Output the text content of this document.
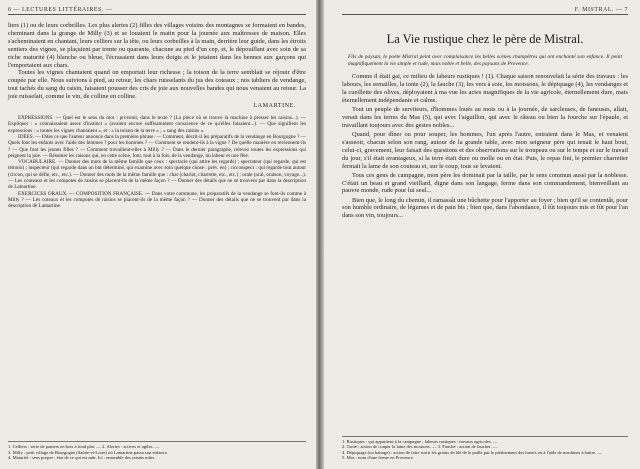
6 — LECTURES LITTÉRAIRES. —

liers (1) ou de leurs corbeilles. Les plus alertes (2) filles des villages voisins des montagnes se formaient en bandes, cheminant dans la grange de Milly (3) et se louaient le matin pour la journée aux maîtresses de maison. Elles s'acheminaient en chantant, leurs celliers sur la tête, ou leurs corbeilles à la main, derrière leur guide, dans les étroits sentiers des vignes, se plaçaient par trente ou quarante, chacune au pied d'un cep, et, le dépouillant avec soin de sa riche maturité (4) blanche ou bleue, l'écrasaient dans leurs doigts et le jetaient dans les bennes aux garçons qui l'emportaient aux chars.

Toutes les vignes chantaient quand on emportait leur richesse ; la toison de la terre semblait se réjouir d'être coupée par elle. Nous suivions à pied, au retour, les chars ruisselants du jus des coteaux ; nos tabliers de vendange, tout tachés du sang du raisin, faisaient pousser des cris de joie aux nouvelles bandes qui nous venaient au retour. La joie ruisselait, comme le vin, de colline en colline.

LAMARTINE.

EXPRESSIONS. — Quel est le sens du mot : provenir, dans le texte ? (La pièce où se trouve la machine à presser les raisins...). — Expliquer : « connaissaient assez d'instinct » (avaient encore suffisamment conscience de ce qu'elles faisaient...). — Que signifient les expressions : « toutes les vignes chantaient », et : « la toison de la terre » ; « sang des raisins ».

IDÉES. — Dites ce que l'auteur annonce dans la première phrase. — Comment, décrit-il les préparatifs de la vendange en Bourgogne ? — Quels font les enfants avec l'aide des femmes ? pour les hommes ? — Comment se rendent-ils à la vigne ? De quelle manière en reviennent-ils ? — Que font les jeunes filles ? — Comment travaillent-elles à Milly ? — Dans le dernier paragraphe, relevez toutes les expressions qui peignent la joie. — Résumer les raisons qui, en cette scène, font, tout à la fois, de la vendange, un labeur et une fête.

VOCABULAIRE. — Donner des mots de la même famille que ceux : spectacle (qui attire les regards) ; spectateur (qui regarde, qui est témoin) ; inspecteur (qui regarde dans un but déterminé, qui examine avec soin quelque chose : prév. en) ; circonspect : qui regarde tout autour (circon, qui se défie, etc., etc.). — Donner des mots de la même famille que : char (chariot, charrette, etc., etc.) ; orale (oral, oraison, voyage...). — Les couteaux et les compotes de raisins se placent-ils de la même façon ? — Donner des détails que ne se trouvent par dans la description de Lamartine.

EXERCICES ORAUX. — COMPOSITION FRANÇAISE. — Dans votre commune, les préparatifs de la vendange se font-ils comme à Milly ? — Les coteaux et les compotes de raisins se placent-ils de la même façon ? — Donner des détails que ne se trouvent par dans la description de Lamartine.

1. Celliers : serte de paniers en bois à fond plat. — 2. Alertes : actives et agiles. —

3. Milly : petit village de Bourgogne (Saône-et-Loire) où Lamartine passa son enfance.

4. Maturité : sens propre : état de ce qui est mûr. Ici : ensemble des raisins mûrs.

F. MISTRAL. — 7
La Vie rustique chez le père de Mistral.

Fils de paysan, le poète Mistral peint avec complaisance les belles scènes champêtres qui ont enchanté son enfance. Il peint magnifiquement la vie simple et rude, mais noble et belle, des paysans de Provence.

Comme il était gai, ce milieu de labeurs rustiques ! (1). Chaque saison renouvelait la série des travaux : les labours, les semailles, la tonte (2), la fauche (3), les vers à soie, les moissons, le dépiquage (4), les vendanges et la cueillette des olives, déployaient à ma vue les actes magnifiques de la vie agricole, éternellement dure, mais éternellement indépendante et calme.

Tout un peuple de serviteurs, d'hommes loués au mois ou à la journée, de sarcleuses, de faneuses, allait, venait dans les terres du Mas (5), qui avec l'aiguillon, qui avec le râteau ou bien la fourche sur l'épaule, et travaillant toujours avec des gestes nobles...

Quand, pour dîner ou pour souper, les hommes, l'un après l'autre, entraient dans le Mas, et venaient s'asseoir, chacun selon son rang, autour de la grande table, avec mon seigneur père qui tenait le haut bout, celui-ci, gravement, leur faisait des questions et des observations sur le troupeau ou sur le temps et sur le travail du jour, s'il était avantageux, si la terre était dure ou molle ou en état. Puis, le repas fini, le premier charretier fermait la lame de son couteau et, sur le coup, tous se levaient.

Tous ces gens de campagne, mon père les dominait par la taille, par le sens commun aussi par la noblesse. C'était un beau et grand vieillard, digne dans son langage, ferme dans son commandement, bienveillant au pauvre monde, rude pour lui seul...

Bien que, le long du chemin, il ramassât une bûchette pour l'apporter au foyer ; bien qu'il se contentât, pour son humble ordinaire, de légumes et de pain bis ; bien que, dans l'abondance, il fût toujours mis et fût pour l'an dans son vin, toujours...

1. Rustiques : qui appartient à la campagne ; labeurs rustiques : travaux agricoles. —

2. Tonte : action de couper la laine des moutons. — 3. Fauche : action de faucher. —

4. Dépiquage (ou battage) : action de faire sortir les grains de blé de la paille par le piétinement des bœufs ou à l'aide de machines à battre. —

5. Mas : nom d'une ferme en Provence.
